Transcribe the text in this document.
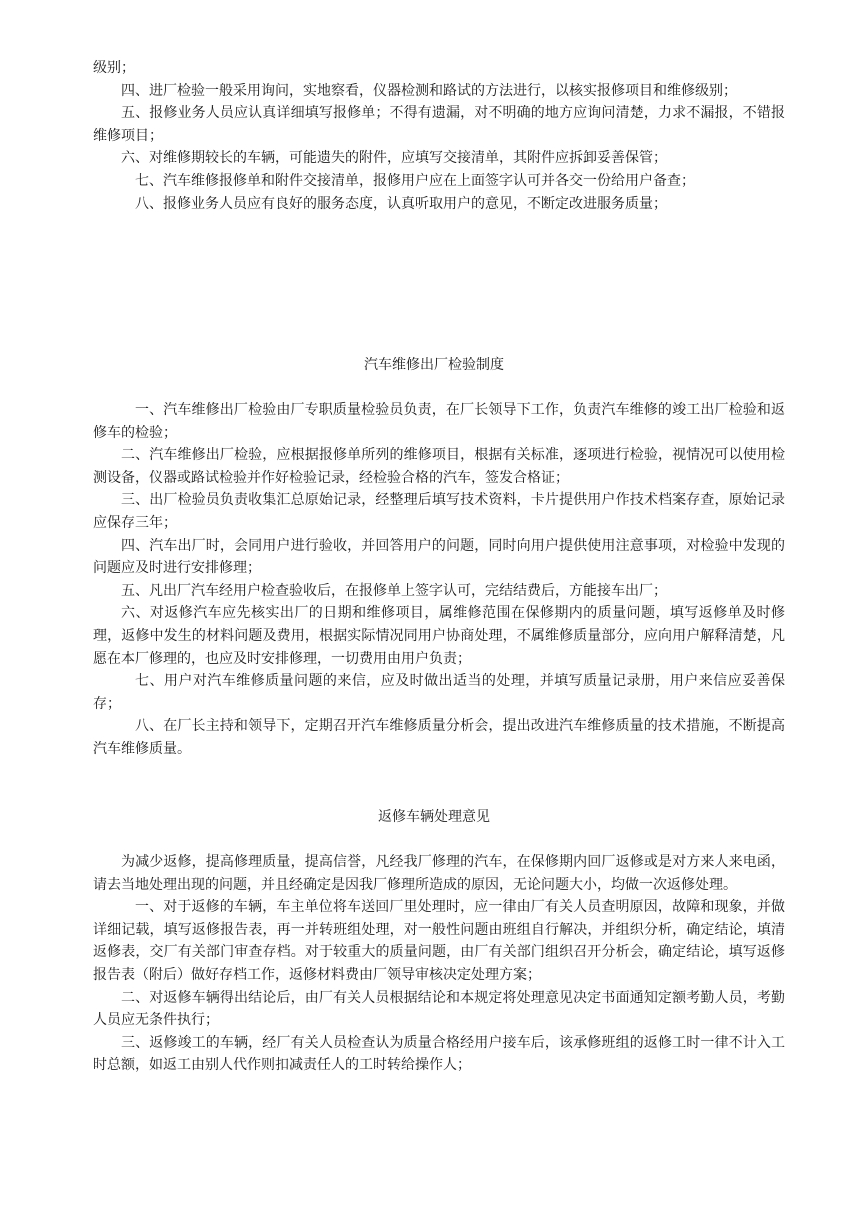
级别；

四、进厂检验一般采用询问，实地察看，仪器检测和路试的方法进行，以核实报修项目和维修级别；

五、报修业务人员应认真详细填写报修单；不得有遗漏，对不明确的地方应询问清楚，力求不漏报，不错报维修项目；

六、对维修期较长的车辆，可能遗失的附件，应填写交接清单，其附件应拆卸妥善保管；

七、汽车维修报修单和附件交接清单，报修用户应在上面签字认可并各交一份给用户备查；

八、报修业务人员应有良好的服务态度，认真听取用户的意见，不断定改进服务质量；

汽车维修出厂检验制度

一、汽车维修出厂检验由厂专职质量检验员负责，在厂长领导下工作，负责汽车维修的竣工出厂检验和返修车的检验；

二、汽车维修出厂检验，应根据报修单所列的维修项目，根据有关标准，逐项进行检验，视情况可以使用检测设备，仪器或路试检验并作好检验记录，经检验合格的汽车，签发合格证；

三、出厂检验员负责收集汇总原始记录，经整理后填写技术资料，卡片提供用户作技术档案存查，原始记录应保存三年；

四、汽车出厂时，会同用户进行验收，并回答用户的问题，同时向用户提供使用注意事项，对检验中发现的问题应及时进行安排修理；

五、凡出厂汽车经用户检查验收后，在报修单上签字认可，完结结费后，方能接车出厂；

六、对返修汽车应先核实出厂的日期和维修项目，属维修范围在保修期内的质量问题，填写返修单及时修理，返修中发生的材料问题及费用，根据实际情况同用户协商处理，不属维修质量部分，应向用户解释清楚，凡愿在本厂修理的，也应及时安排修理，一切费用由用户负责；

七、用户对汽车维修质量问题的来信，应及时做出适当的处理，并填写质量记录册，用户来信应妥善保存；

八、在厂长主持和领导下，定期召开汽车维修质量分析会，提出改进汽车维修质量的技术措施，不断提高汽车维修质量。

返修车辆处理意见

为减少返修，提高修理质量，提高信誉，凡经我厂修理的汽车，在保修期内回厂返修或是对方来人来电函，请去当地处理出现的问题，并且经确定是因我厂修理所造成的原因，无论问题大小，均做一次返修处理。

一、对于返修的车辆，车主单位将车送回厂里处理时，应一律由厂有关人员查明原因，故障和现象，并做详细记载，填写返修报告表，再一并转班组处理，对一般性问题由班组自行解决，并组织分析，确定结论，填清返修表，交厂有关部门审查存档。对于较重大的质量问题，由厂有关部门组织召开分析会，确定结论，填写返修报告表（附后）做好存档工作，返修材料费由厂领导审核决定处理方案；

二、对返修车辆得出结论后，由厂有关人员根据结论和本规定将处理意见决定书面通知定额考勤人员，考勤人员应无条件执行；

三、返修竣工的车辆，经厂有关人员检查认为质量合格经用户接车后，该承修班组的返修工时一律不计入工时总额，如返工由别人代作则扣减责任人的工时转给操作人；
